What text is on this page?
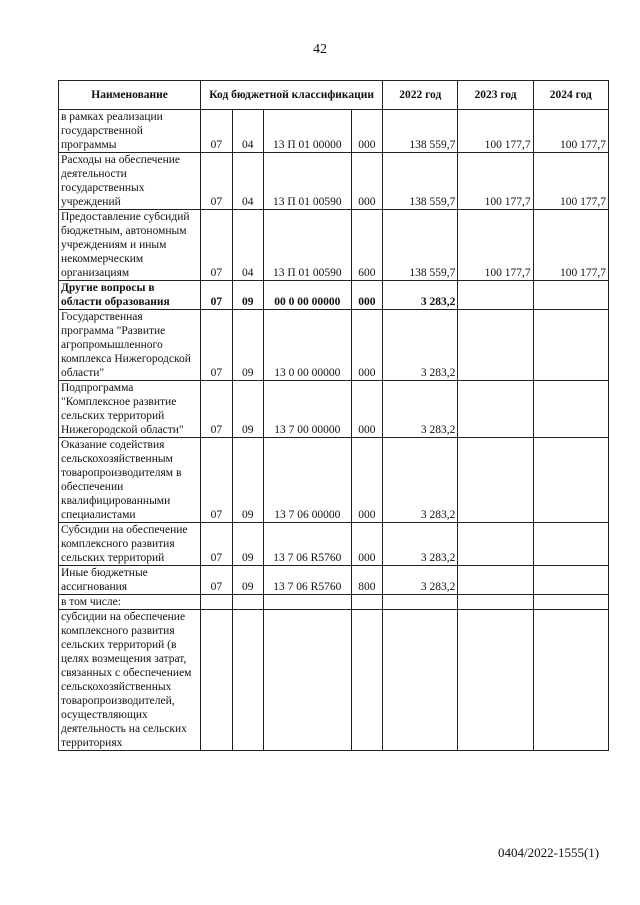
42
Наименование	Код бюджетной классификации				2022 год	2023 год	2024 год
в рамках реализации государственной программы	07	04	13 П 01 00000	000	138 559,7	100 177,7	100 177,7
Расходы на обеспечение деятельности государственных учреждений	07	04	13 П 01 00590	000	138 559,7	100 177,7	100 177,7
Предоставление субсидий бюджетным, автономным учреждениям и иным некоммерческим организациям	07	04	13 П 01 00590	600	138 559,7	100 177,7	100 177,7
Другие вопросы в области образования	07	09	00 0 00 00000	000	3 283,2		
Государственная программа "Развитие агропромышленного комплекса Нижегородской области"	07	09	13 0 00 00000	000	3 283,2		
Подпрограмма "Комплексное развитие сельских территорий Нижегородской области"	07	09	13 7 00 00000	000	3 283,2		
Оказание содействия сельскохозяйственным товаропроизводителям в обеспечении квалифицированными специалистами	07	09	13 7 06 00000	000	3 283,2		
Субсидии на обеспечение комплексного развития сельских территорий	07	09	13 7 06 R5760	000	3 283,2		
Иные бюджетные ассигнования	07	09	13 7 06 R5760	800	3 283,2		
в том числе:							
субсидии на обеспечение комплексного развития сельских территорий (в целях возмещения затрат, связанных с обеспечением сельскохозяйственных товаропроизводителей, осуществляющих деятельность на сельских территориях							
0404/2022-1555(1)
